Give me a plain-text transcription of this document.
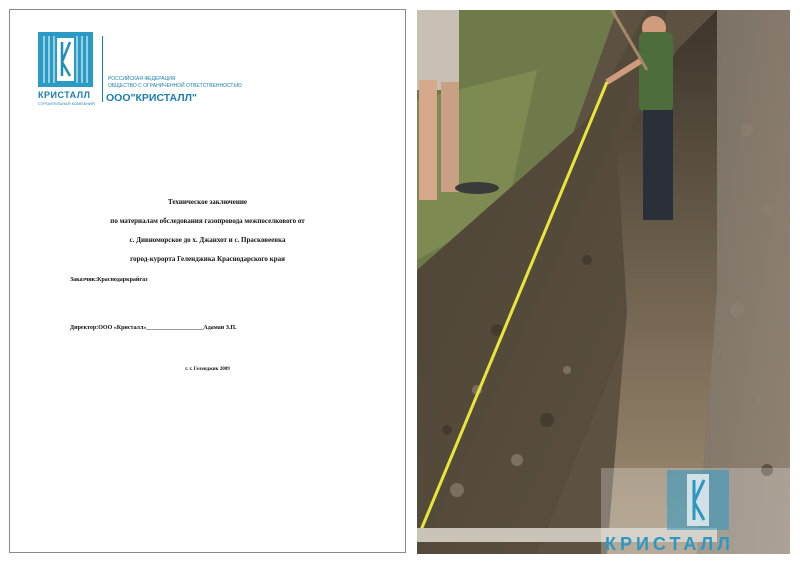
КРИСТАЛЛ
СТРОИТЕЛЬНАЯ КОМПАНИЯ
РОССИЙСКАЯ ФЕДЕРАЦИЯ
ОБЩЕСТВО С ОГРАНИЧЕННОЙ ОТВЕТСТВЕННОСТЬЮ
ООО"КРИСТАЛЛ"
Техническое заключение
по материалам обследования газопровода межпоселкового от
с. Дивноморское до х. Джанхот и с. Прасковеевка
город-курорта Геленджика Краснодарского края
Заказчик:Краснодаркрайгаз
Директор:ООО «Кристалл»___________________Адаман З.П.
г. г. Геленджик 2009
КРИСТАЛЛ
